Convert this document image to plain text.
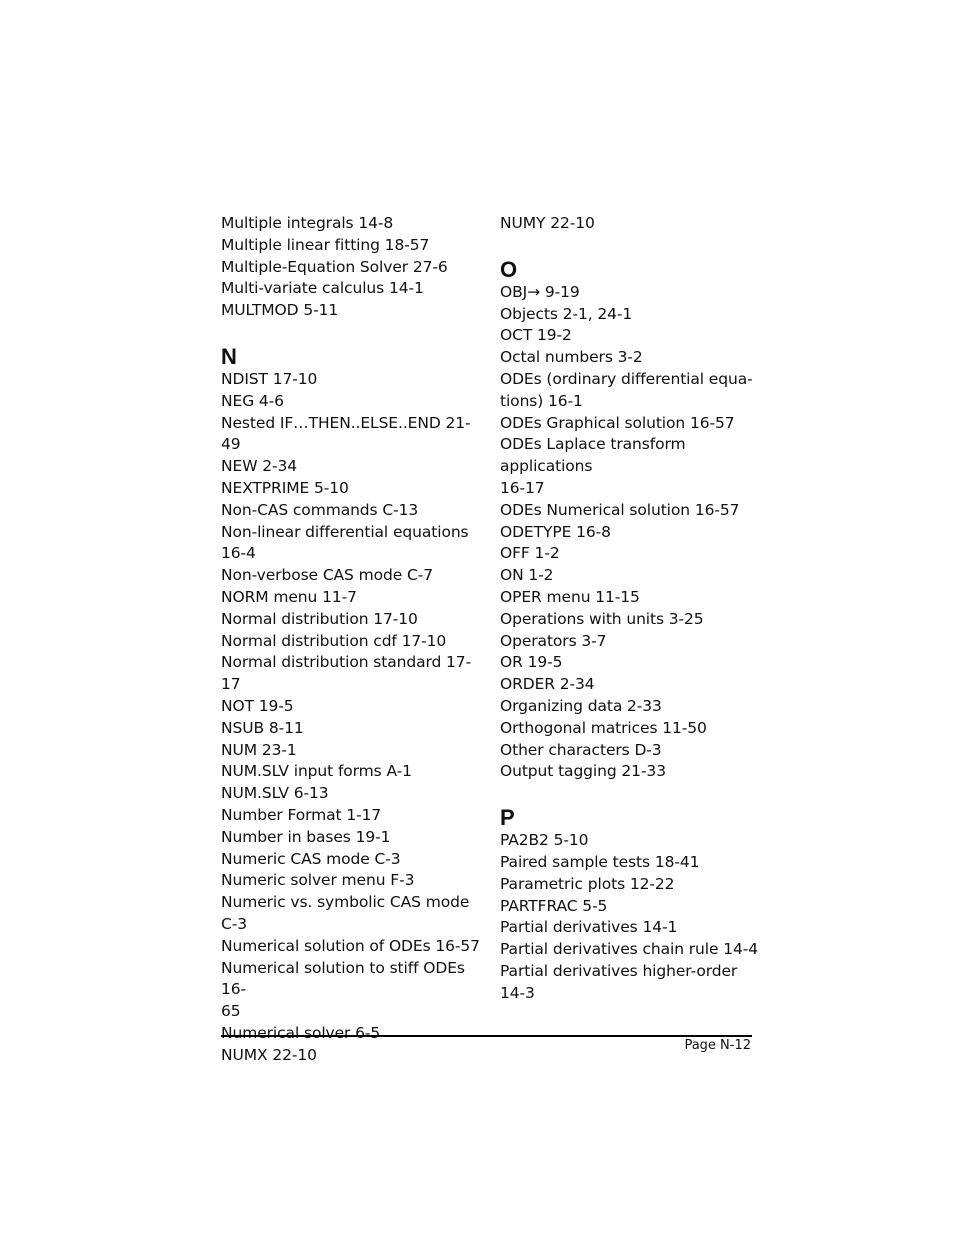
Multiple integrals 14-8
Multiple linear fitting 18-57
Multiple-Equation Solver 27-6
Multi-variate calculus 14-1
MULTMOD 5-11
N
NDIST 17-10
NEG 4-6
Nested IF…THEN..ELSE..END 21-49
NEW 2-34
NEXTPRIME 5-10
Non-CAS commands C-13
Non-linear differential equations 16-4
Non-verbose CAS mode C-7
NORM menu 11-7
Normal distribution 17-10
Normal distribution cdf 17-10
Normal distribution standard 17-17
NOT 19-5
NSUB 8-11
NUM 23-1
NUM.SLV input forms A-1
NUM.SLV 6-13
Number Format 1-17
Number in bases 19-1
Numeric CAS mode C-3
Numeric solver menu F-3
Numeric vs. symbolic CAS mode C-3
Numerical solution of ODEs 16-57
Numerical solution to stiff ODEs 16-
65
Numerical solver 6-5
NUMX 22-10
NUMY 22-10
O
OBJ→ 9-19
Objects 2-1, 24-1
OCT 19-2
Octal numbers 3-2
ODEs (ordinary differential equa-
tions) 16-1
ODEs Graphical solution 16-57
ODEs Laplace transform applications
16-17
ODEs Numerical solution 16-57
ODETYPE 16-8
OFF 1-2
ON 1-2
OPER menu 11-15
Operations with units 3-25
Operators 3-7
OR 19-5
ORDER 2-34
Organizing data 2-33
Orthogonal matrices 11-50
Other characters D-3
Output tagging 21-33
P
PA2B2 5-10
Paired sample tests 18-41
Parametric plots 12-22
PARTFRAC 5-5
Partial derivatives 14-1
Partial derivatives chain rule 14-4
Partial derivatives higher-order 14-3
Page N-12
